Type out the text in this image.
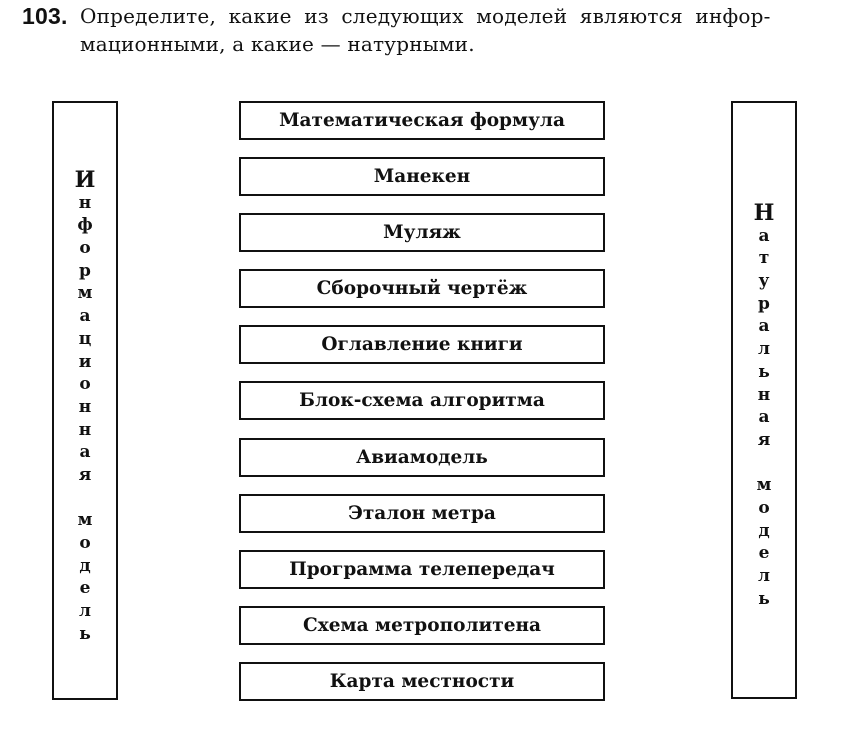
103. Определите, какие из следующих моделей являются инфор-
мационными, а какие — натурными.
И
н
ф
о
р
м
а
ц
и
о
н
н
а
я
м
о
д
е
л
ь
Математическая формула
Манекен
Муляж
Сборочный чертёж
Оглавление книги
Блок-схема алгоритма
Авиамодель
Эталон метра
Программа телепередач
Схема метрополитена
Карта местности
Н
а
т
у
р
а
л
ь
н
а
я
м
о
д
е
л
ь
